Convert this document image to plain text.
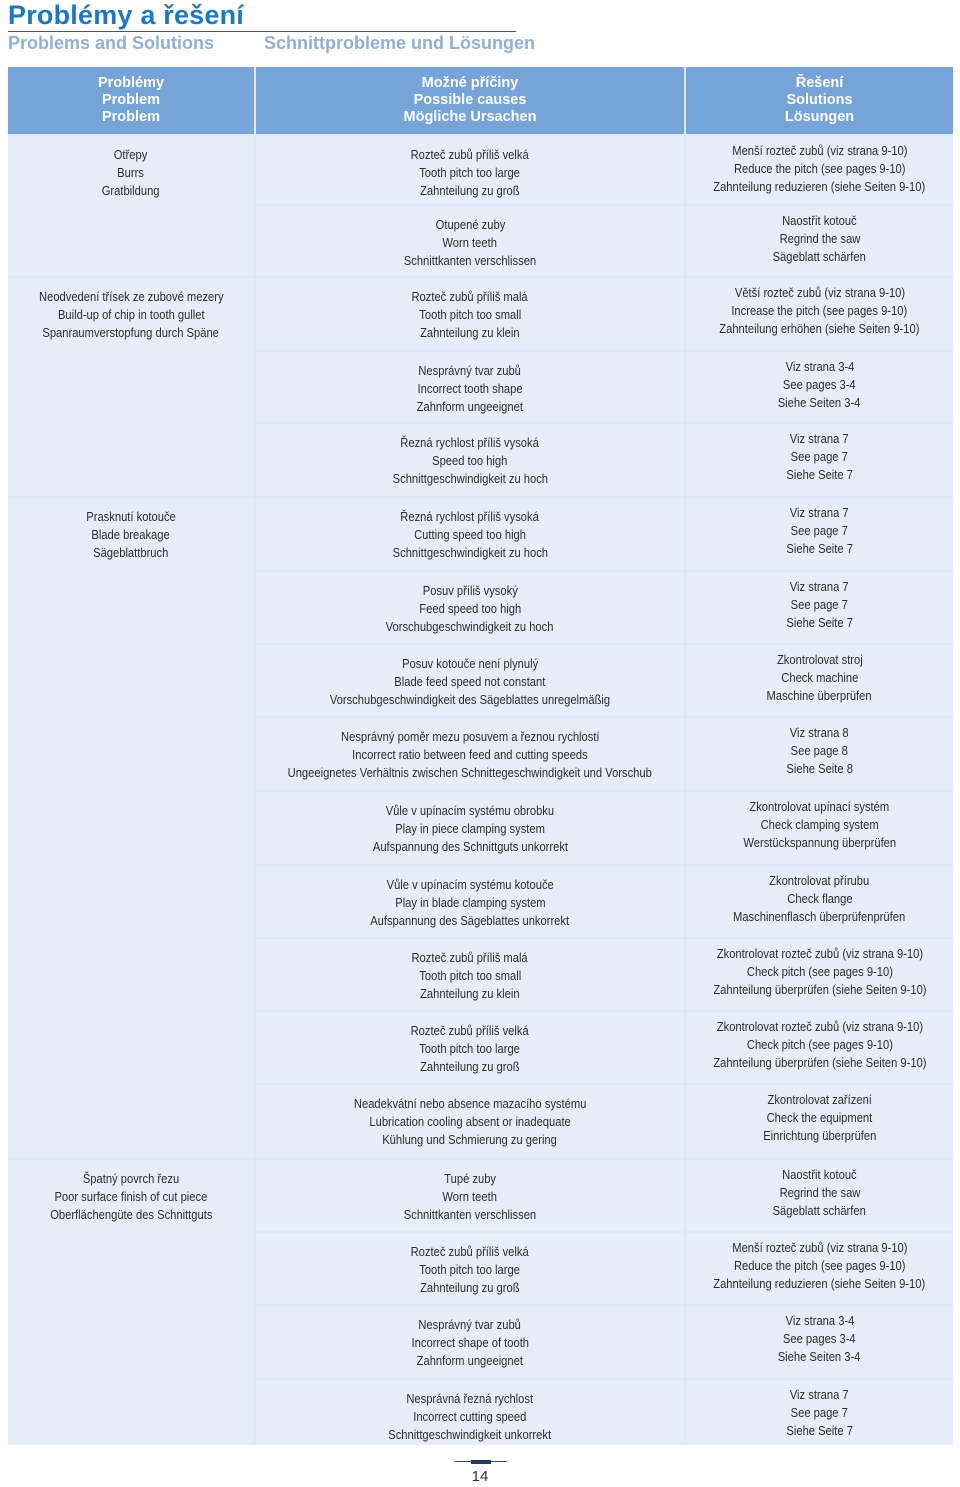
Problémy a řešení
Problems and Solutions	Schnittprobleme und Lösungen
Problémy
Problem
Problem
Možné příčiny
Possible causes
Mögliche Ursachen
Řešení
Solutions
Lösungen
Rozteč zubů příliš velká
Tooth pitch too large
Zahnteilung zu groß
Menší rozteč zubů (viz strana 9-10)
Reduce the pitch (see pages 9-10)
Zahnteilung reduzieren (siehe Seiten 9-10)
Otupené zuby
Worn teeth
Schnittkanten verschlissen
Naostřit kotouč
Regrind the saw
Sägeblatt schärfen
Rozteč zubů příliš malá
Tooth pitch too small
Zahnteilung zu klein
Větší rozteč zubů (viz strana 9-10)
Increase the pitch (see pages 9-10)
Zahnteilung erhöhen (siehe Seiten 9-10)
Nesprávný tvar zubů
Incorrect tooth shape
Zahnform ungeeignet
Viz strana 3-4
See pages 3-4
Siehe Seiten 3-4
Řezná rychlost příliš vysoká
Speed too high
Schnittgeschwindigkeit zu hoch
Viz strana 7
See page 7
Siehe Seite 7
Řezná rychlost příliš vysoká
Cutting speed too high
Schnittgeschwindigkeit zu hoch
Viz strana 7
See page 7
Siehe Seite 7
Posuv příliš vysoký
Feed speed too high
Vorschubgeschwindigkeit zu hoch
Viz strana 7
See page 7
Siehe Seite 7
Posuv kotouče není plynulý
Blade feed speed not constant
Vorschubgeschwindigkeit des Sägeblattes unregelmäßig
Zkontrolovat stroj
Check machine
Maschine überprüfen
Nesprávný poměr mezu posuvem a řeznou rychlostí
Incorrect ratio between feed and cutting speeds
Ungeeignetes Verhältnis zwischen Schnittegeschwindigkeit und Vorschub
Viz strana 8
See page 8
Siehe Seite 8
Vůle v upínacím systému obrobku
Play in piece clamping system
Aufspannung des Schnittguts unkorrekt
Zkontrolovat upínací systém
Check clamping system
Werstückspannung überprüfen
Vůle v upínacím systému kotouče
Play in blade clamping system
Aufspannung des Sägeblattes unkorrekt
Zkontrolovat přírubu
Check flange
Maschinenflasch überprüfenprüfen
Rozteč zubů příliš malá
Tooth pitch too small
Zahnteilung zu klein
Zkontrolovat rozteč zubů (viz strana 9-10)
Check pitch (see pages 9-10)
Zahnteilung überprüfen (siehe Seiten 9-10)
Rozteč zubů příliš velká
Tooth pitch too large
Zahnteilung zu groß
Zkontrolovat rozteč zubů (viz strana 9-10)
Check pitch (see pages 9-10)
Zahnteilung überprüfen (siehe Seiten 9-10)
Neadekvátní nebo absence mazacího systému
Lubrication cooling absent or inadequate
Kühlung und Schmierung zu gering
Zkontrolovat zařízení
Check the equipment
Einrichtung überprüfen
Tupé zuby
Worn teeth
Schnittkanten verschlissen
Naostřit kotouč
Regrind the saw
Sägeblatt schärfen
Rozteč zubů příliš velká
Tooth pitch too large
Zahnteilung zu groß
Menší rozteč zubů (viz strana 9-10)
Reduce the pitch (see pages 9-10)
Zahnteilung reduzieren (siehe Seiten 9-10)
Nesprávný tvar zubů
Incorrect shape of tooth
Zahnform ungeeignet
Viz strana 3-4
See pages 3-4
Siehe Seiten 3-4
Nesprávná řezná rychlost
Incorrect cutting speed
Schnittgeschwindigkeit unkorrekt
Viz strana 7
See page 7
Siehe Seite 7
Otřepy
Burrs
Gratbildung
Neodvedení třísek ze zubové mezery
Build-up of chip in tooth gullet
Spanraumverstopfung durch Späne
Prasknutí kotouče
Blade breakage
Sägeblattbruch
Špatný povrch řezu
Poor surface finish of cut piece
Oberflächengüte des Schnittguts
14
